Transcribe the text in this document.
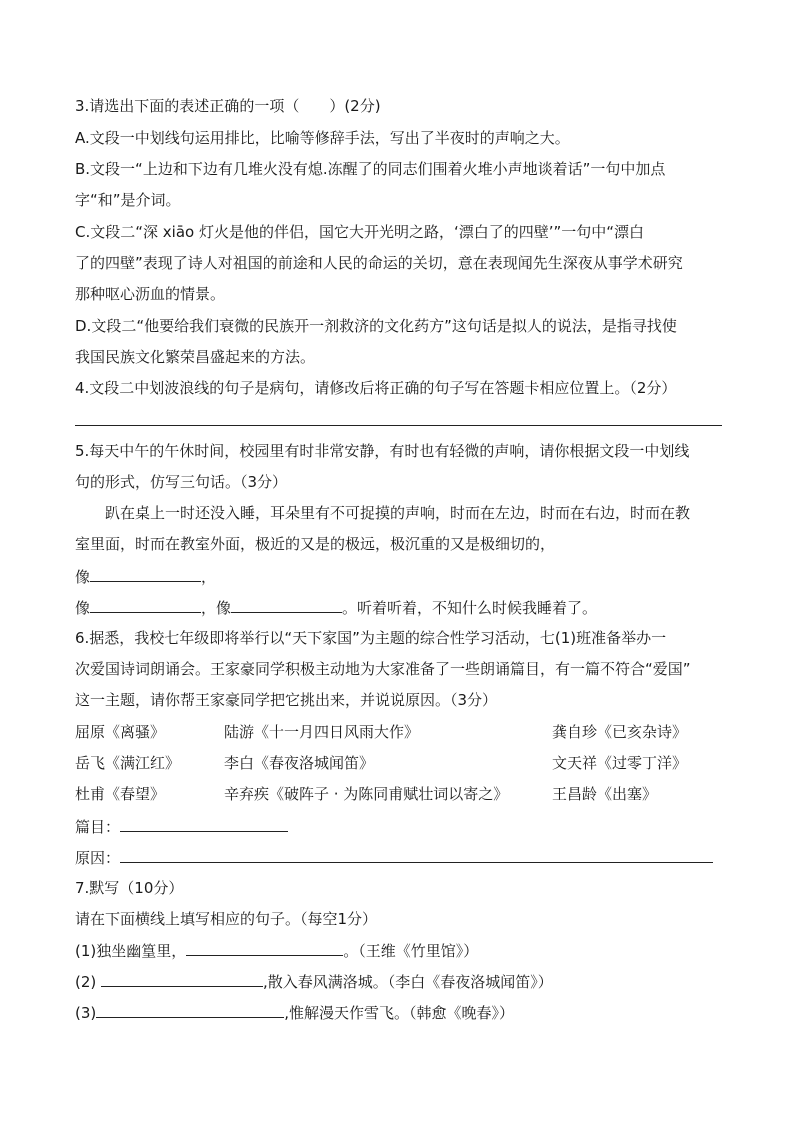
3.请选出下面的表述正确的一项（　　）(2分)
A.文段一中划线句运用排比，比喻等修辞手法，写出了半夜时的声响之大。
B.文段一“上边和下边有几堆火没有熄.冻醒了的同志们围着火堆小声地谈着话”一句中加点
字“和”是介词。
C.文段二“深 xiāo 灯火是他的伴侣，国它大开光明之路，‘漂白了的四壁’”一句中“漂白
了的四壁”表现了诗人对祖国的前途和人民的命运的关切，意在表现闻先生深夜从事学术研究
那种呕心沥血的情景。
D.文段二“他要给我们衰微的民族开一剂救济的文化药方”这句话是拟人的说法，是指寻找使
我国民族文化繁荣昌盛起来的方法。
4.文段二中划波浪线的句子是病句，请修改后将正确的句子写在答题卡相应位置上。（2分）
5.每天中午的午休时间，校园里有时非常安静，有时也有轻微的声响，请你根据文段一中划线
句的形式，仿写三句话。（3分）
趴在桌上一时还没入睡，耳朵里有不可捉摸的声响，时而在左边，时而在右边，时而在教
室里面，时而在教室外面，极近的又是的极远，极沉重的又是极细切的，
像	，
像	，像	。听着听着，不知什么时候我睡着了。
6.据悉，我校七年级即将举行以“天下家国”为主题的综合性学习活动，七(1)班准备举办一
次爱国诗词朗诵会。王家豪同学积极主动地为大家准备了一些朗诵篇目，有一篇不符合“爱国”
这一主题，请你帮王家豪同学把它挑出来，并说说原因。（3分）
屈原《离骚》	陆游《十一月四日风雨大作》	龚自珍《已亥杂诗》
岳飞《满江红》	李白《春夜洛城闻笛》	文天祥《过零丁洋》
杜甫《春望》	辛弃疾《破阵子 · 为陈同甫赋壮词以寄之》	王昌龄《出塞》
篇目：
原因：
7.默写（10分）
请在下面横线上填写相应的句子。（每空1分）
(1)独坐幽篁里，	。（王维《竹里馆》）
(2)	,散入春风满洛城。（李白《春夜洛城闻笛》）
(3)	,惟解漫天作雪飞。（韩愈《晚春》）
